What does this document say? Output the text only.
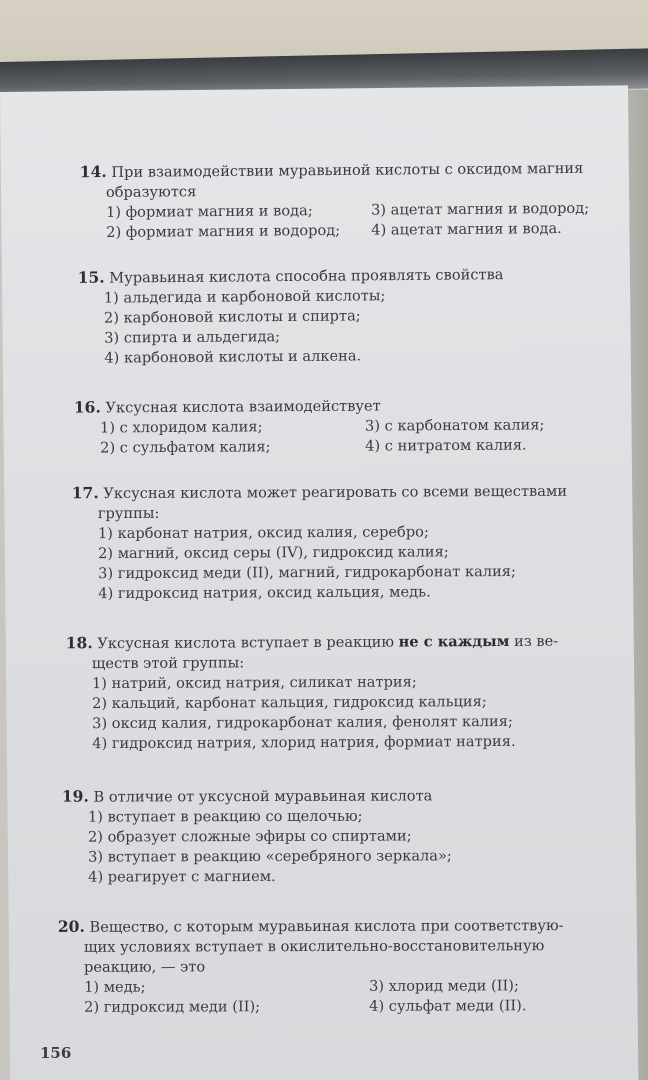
14. При взаимодействии муравьиной кислоты с оксидом магния
образуются
1) формиат магния и вода;	3) ацетат магния и водород;
2) формиат магния и водород;	4) ацетат магния и вода.
15. Муравьиная кислота способна проявлять свойства
1) альдегида и карбоновой кислоты;
2) карбоновой кислоты и спирта;
3) спирта и альдегида;
4) карбоновой кислоты и алкена.
16. Уксусная кислота взаимодействует
1) с хлоридом калия;	3) с карбонатом калия;
2) с сульфатом калия;	4) с нитратом калия.
17. Уксусная кислота может реагировать со всеми веществами
группы:
1) карбонат натрия, оксид калия, серебро;
2) магний, оксид серы (IV), гидроксид калия;
3) гидроксид меди (II), магний, гидрокарбонат калия;
4) гидроксид натрия, оксид кальция, медь.
18. Уксусная кислота вступает в реакцию не с каждым из ве-
ществ этой группы:
1) натрий, оксид натрия, силикат натрия;
2) кальций, карбонат кальция, гидроксид кальция;
3) оксид калия, гидрокарбонат калия, фенолят калия;
4) гидроксид натрия, хлорид натрия, формиат натрия.
19. В отличие от уксусной муравьиная кислота
1) вступает в реакцию со щелочью;
2) образует сложные эфиры со спиртами;
3) вступает в реакцию «серебряного зеркала»;
4) реагирует с магнием.
20. Вещество, с которым муравьиная кислота при соответствую-
щих условиях вступает в окислительно-восстановительную
реакцию, — это
1) медь;	3) хлорид меди (II);
2) гидроксид меди (II);	4) сульфат меди (II).
156
